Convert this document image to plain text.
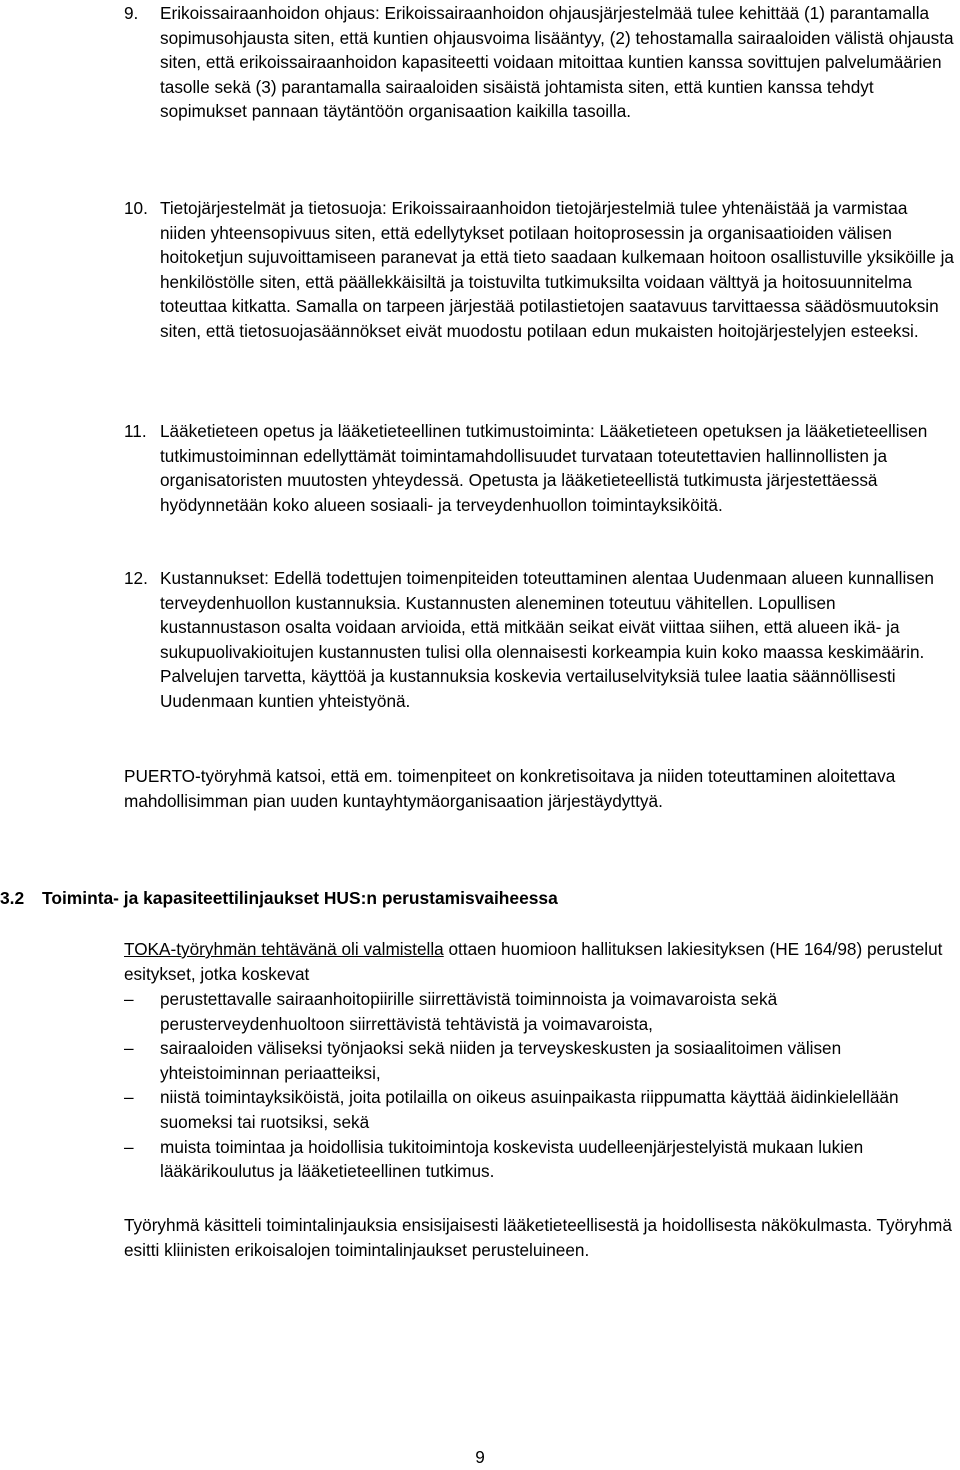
9. Erikoissairaanhoidon ohjaus: Erikoissairaanhoidon ohjausjärjestelmää tulee kehittää (1) parantamalla sopimusohjausta siten, että kuntien ohjausvoima lisääntyy, (2) tehostamalla sairaaloiden välistä ohjausta siten, että erikoissairaanhoidon kapasiteetti voidaan mitoittaa kuntien kanssa sovittujen palvelumäärien tasolle sekä (3) parantamalla sairaaloiden sisäistä johtamista siten, että kuntien kanssa tehdyt sopimukset pannaan täytäntöön organisaation kaikilla tasoilla.

10. Tietojärjestelmät ja tietosuoja: Erikoissairaanhoidon tietojärjestelmiä tulee yhtenäistää ja varmistaa niiden yhteensopivuus siten, että edellytykset potilaan hoitoprosessin ja organisaatioiden välisen hoitoketjun sujuvoittamiseen paranevat ja että tieto saadaan kulkemaan hoitoon osallistuville yksiköille ja henkilöstölle siten, että päällekkäisiltä ja toistuvilta tutkimuksilta voidaan välttyä ja hoitosuunnitelma toteuttaa kitkatta. Samalla on tarpeen järjestää potilastietojen saatavuus tarvittaessa säädösmuutoksin siten, että tietosuojasäännökset eivät muodostu potilaan edun mukaisten hoitojärjestelyjen esteeksi.

11. Lääketieteen opetus ja lääketieteellinen tutkimustoiminta: Lääketieteen opetuksen ja lääketieteellisen tutkimustoiminnan edellyttämät toimintamahdollisuudet turvataan toteutettavien hallinnollisten ja organisatoristen muutosten yhteydessä. Opetusta ja lääketieteellistä tutkimusta järjestettäessä hyödynnetään koko alueen sosiaali- ja terveydenhuollon toimintayksiköitä.

12. Kustannukset: Edellä todettujen toimenpiteiden toteuttaminen alentaa Uudenmaan alueen kunnallisen terveydenhuollon kustannuksia. Kustannusten aleneminen toteutuu vähitellen. Lopullisen kustannustason osalta voidaan arvioida, että mitkään seikat eivät viittaa siihen, että alueen ikä- ja sukupuolivakioitujen kustannusten tulisi olla olennaisesti korkeampia kuin koko maassa keskimäärin. Palvelujen tarvetta, käyttöä ja kustannuksia koskevia vertailuselvityksiä tulee laatia säännöllisesti Uudenmaan kuntien yhteistyönä.

PUERTO-työryhmä katsoi, että em. toimenpiteet on konkretisoitava ja niiden toteuttaminen aloitettava mahdollisimman pian uuden kuntayhtymäorganisaation järjestäydyttyä.

3.2 Toiminta- ja kapasiteettilinjaukset HUS:n perustamisvaiheessa

TOKA-työryhmän tehtävänä oli valmistella ottaen huomioon hallituksen lakiesityksen (HE 164/98) perustelut esitykset, jotka koskevat

–	perustettavalle sairaanhoitopiirille siirrettävistä toiminnoista ja voimavaroista sekä perusterveydenhuoltoon siirrettävistä tehtävistä ja voimavaroista,
–	sairaaloiden väliseksi työnjaoksi sekä niiden ja terveyskeskusten ja sosiaalitoimen välisen yhteistoiminnan periaatteiksi,
–	niistä toimintayksiköistä, joita potilailla on oikeus asuinpaikasta riippumatta käyttää äidinkielellään suomeksi tai ruotsiksi, sekä
–	muista toimintaa ja hoidollisia tukitoimintoja koskevista uudelleenjärjestelyistä mukaan lukien lääkärikoulutus ja lääketieteellinen tutkimus.

Työryhmä käsitteli toimintalinjauksia ensisijaisesti lääketieteellisestä ja hoidollisesta näkökulmasta. Työryhmä esitti kliinisten erikoisalojen toimintalinjaukset perusteluineen.

9
